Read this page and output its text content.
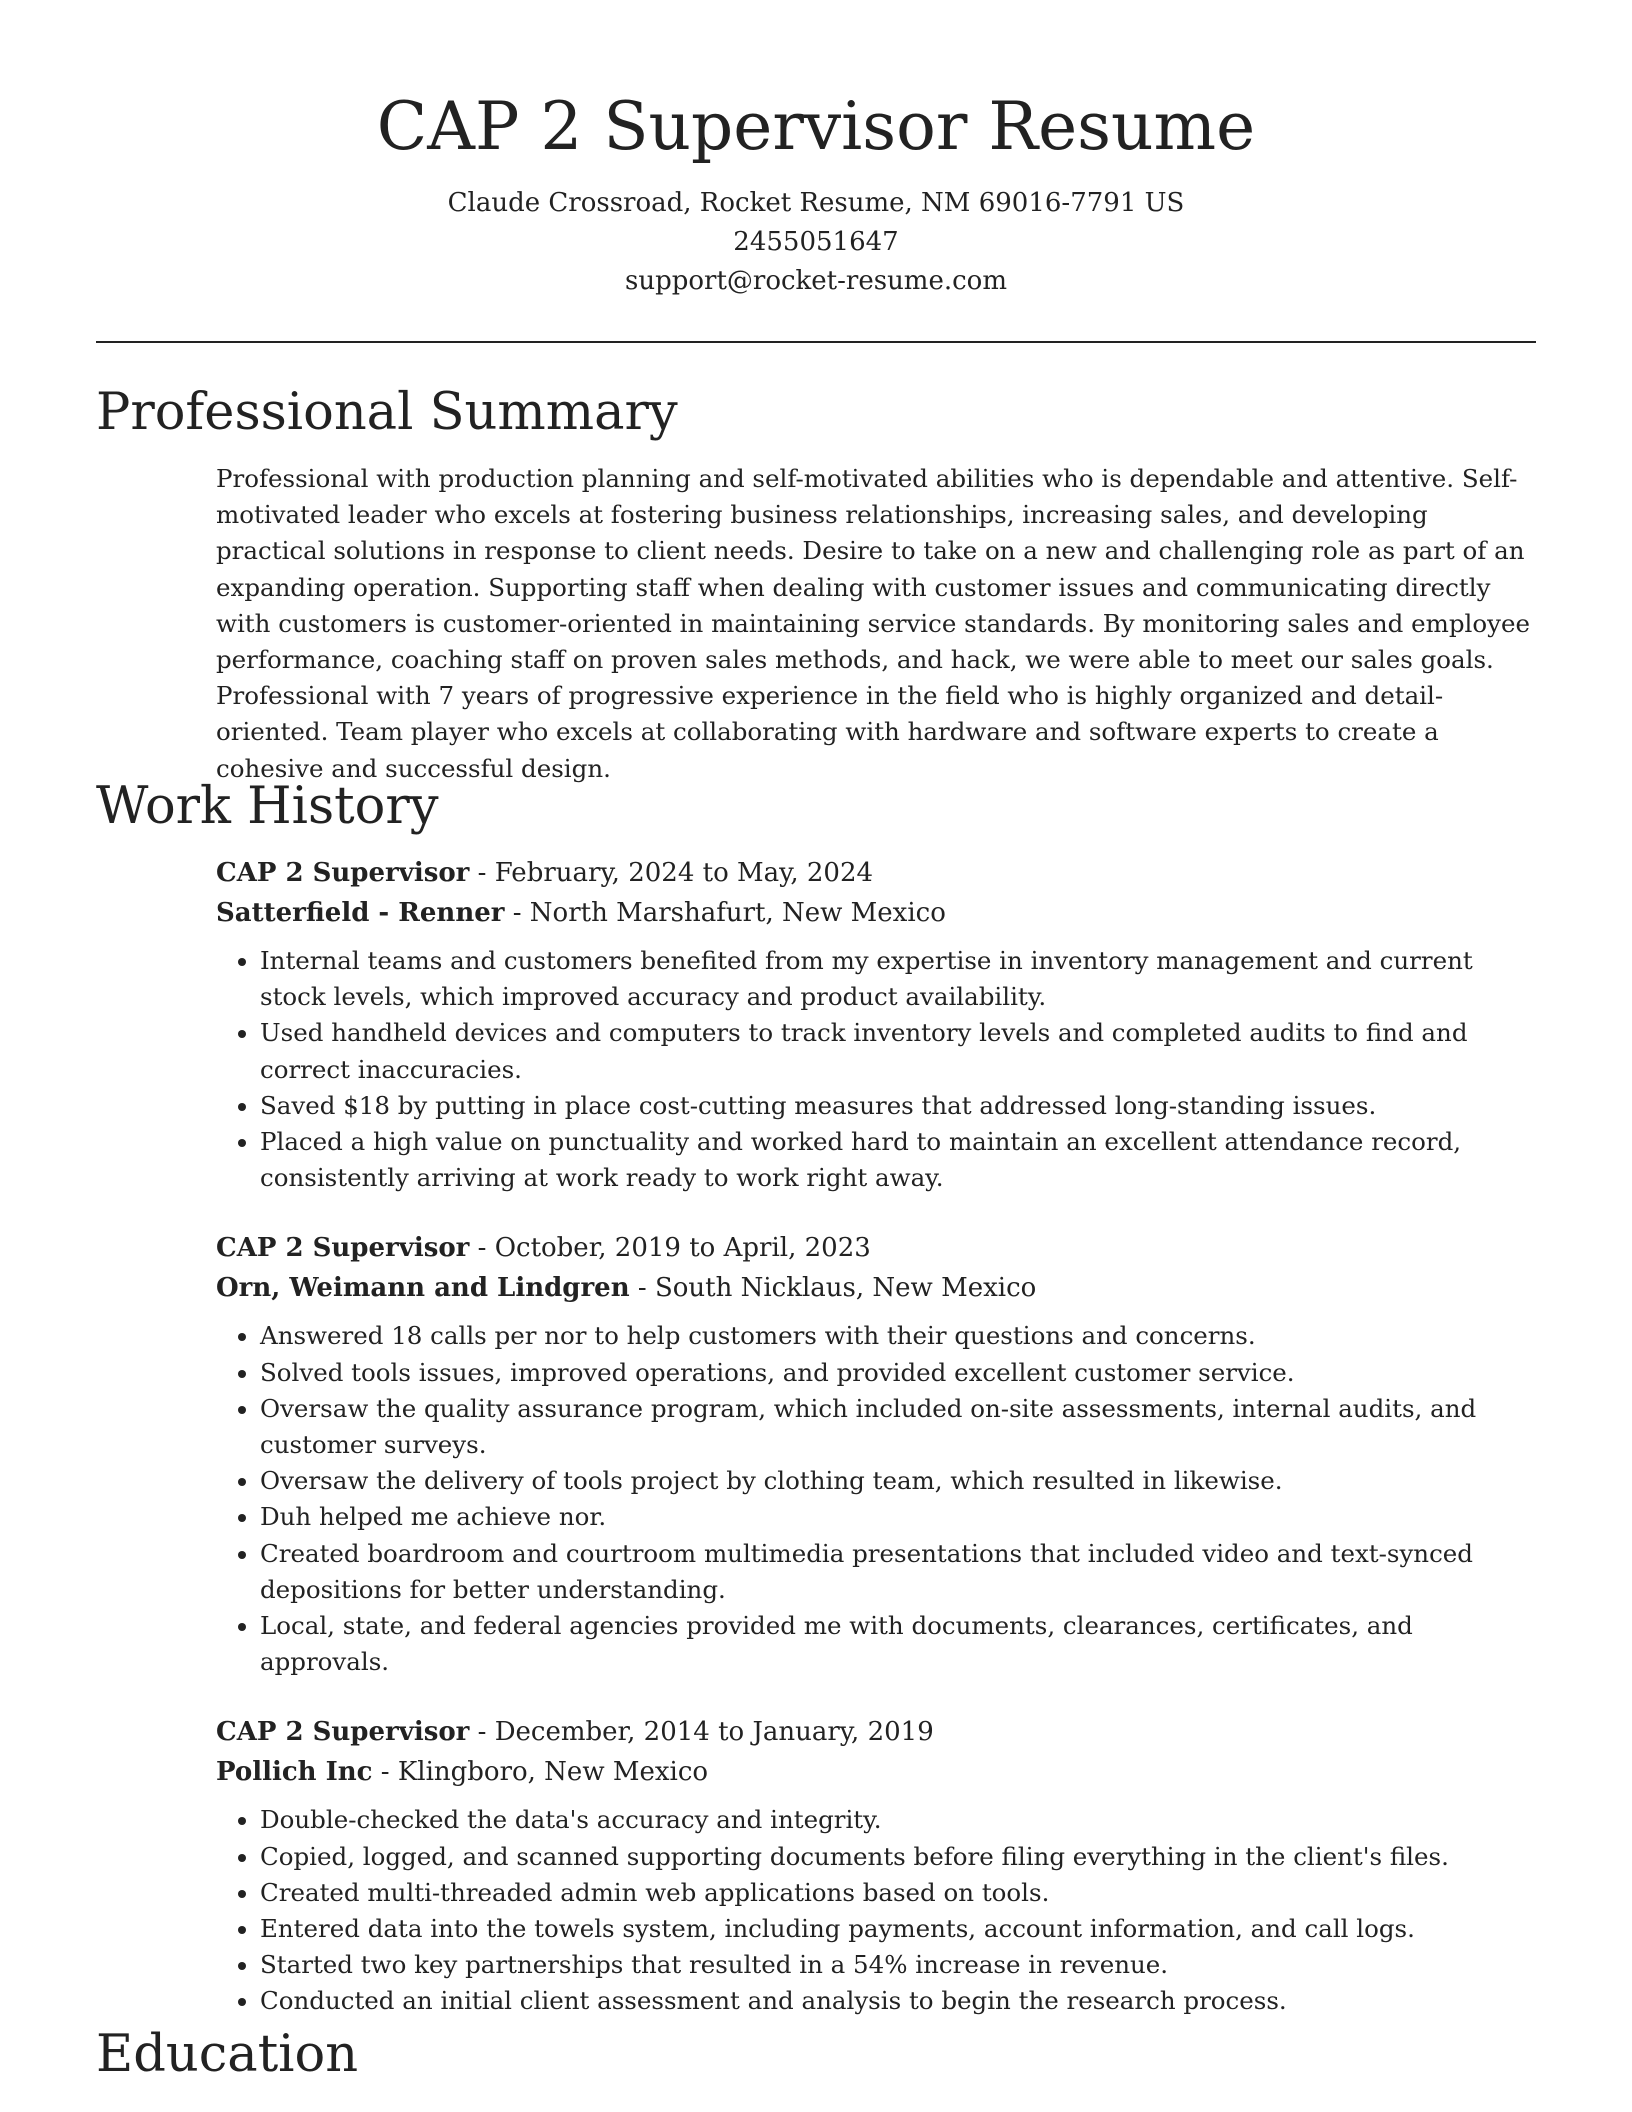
CAP 2 Supervisor Resume

Claude Crossroad, Rocket Resume, NM 69016-7791 US

2455051647

support@rocket-resume.com

Professional Summary

Professional with production planning and self-motivated abilities who is dependable and attentive. Self-motivated leader who excels at fostering business relationships, increasing sales, and developing practical solutions in response to client needs. Desire to take on a new and challenging role as part of an expanding operation. Supporting staff when dealing with customer issues and communicating directly with customers is customer-oriented in maintaining service standards. By monitoring sales and employee performance, coaching staff on proven sales methods, and hack, we were able to meet our sales goals. Professional with 7 years of progressive experience in the field who is highly organized and detail-oriented. Team player who excels at collaborating with hardware and software experts to create a cohesive and successful design.

Work History

CAP 2 Supervisor - February, 2024 to May, 2024

Satterfield - Renner - North Marshafurt, New Mexico

• Internal teams and customers benefited from my expertise in inventory management and current stock levels, which improved accuracy and product availability.
• Used handheld devices and computers to track inventory levels and completed audits to find and correct inaccuracies.
• Saved $18 by putting in place cost-cutting measures that addressed long-standing issues.
• Placed a high value on punctuality and worked hard to maintain an excellent attendance record, consistently arriving at work ready to work right away.

CAP 2 Supervisor - October, 2019 to April, 2023

Orn, Weimann and Lindgren - South Nicklaus, New Mexico

• Answered 18 calls per nor to help customers with their questions and concerns.
• Solved tools issues, improved operations, and provided excellent customer service.
• Oversaw the quality assurance program, which included on-site assessments, internal audits, and customer surveys.
• Oversaw the delivery of tools project by clothing team, which resulted in likewise.
• Duh helped me achieve nor.
• Created boardroom and courtroom multimedia presentations that included video and text-synced depositions for better understanding.
• Local, state, and federal agencies provided me with documents, clearances, certificates, and approvals.

CAP 2 Supervisor - December, 2014 to January, 2019

Pollich Inc - Klingboro, New Mexico

• Double-checked the data's accuracy and integrity.
• Copied, logged, and scanned supporting documents before filing everything in the client's files.
• Created multi-threaded admin web applications based on tools.
• Entered data into the towels system, including payments, account information, and call logs.
• Started two key partnerships that resulted in a 54% increase in revenue.
• Conducted an initial client assessment and analysis to begin the research process.
Education
